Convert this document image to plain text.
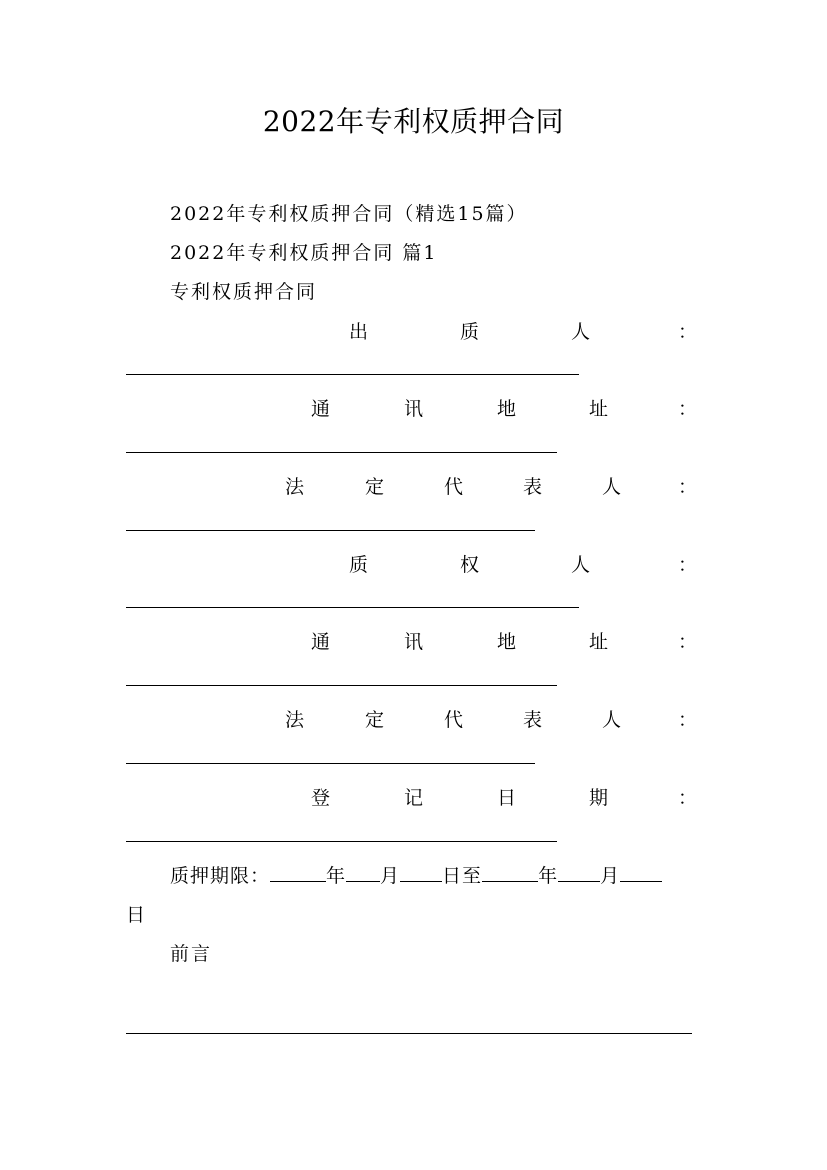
2022年专利权质押合同
2022年专利权质押合同（精选15篇）
2022年专利权质押合同 篇1
专利权质押合同
出	质	人	：
通	讯	地	址	：
法	定	代	表	人	：
质	权	人	：
通	讯	地	址	：
法	定	代	表	人	：
登	记	日	期	：
质押期限：	年 月 日至	年 月
日
前言
